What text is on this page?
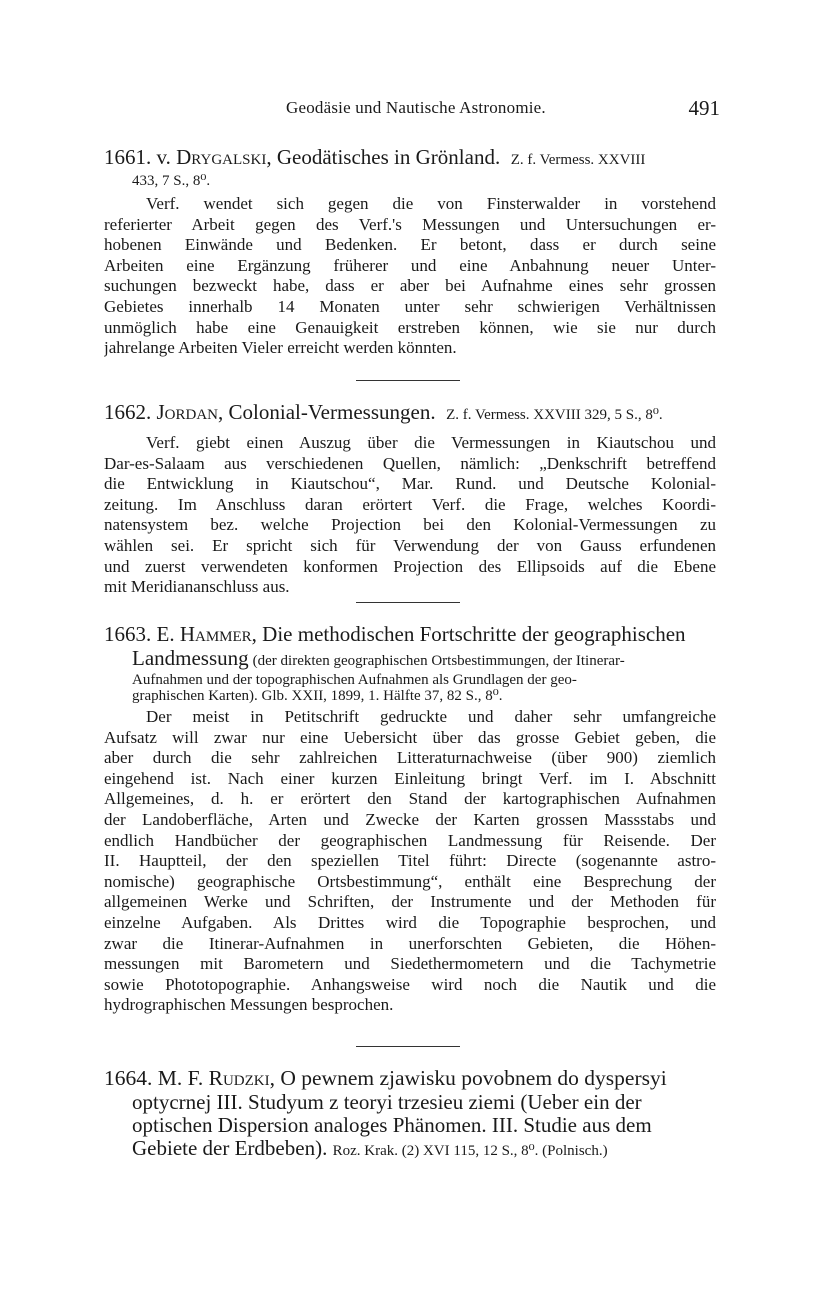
Geodäsie und Nautische Astronomie.	491
1661. v. Drygalski, Geodätisches in Grönland. Z. f. Vermess. XXVIII
433, 7 S., 8⁰.
Verf. wendet sich gegen die von Finsterwalder in vorstehend
referierter Arbeit gegen des Verf.'s Messungen und Untersuchungen er-
hobenen Einwände und Bedenken. Er betont, dass er durch seine
Arbeiten eine Ergänzung früherer und eine Anbahnung neuer Unter-
suchungen bezweckt habe, dass er aber bei Aufnahme eines sehr grossen
Gebietes innerhalb 14 Monaten unter sehr schwierigen Verhältnissen
unmöglich habe eine Genauigkeit erstreben können, wie sie nur durch
jahrelange Arbeiten Vieler erreicht werden könnten.
1662. Jordan, Colonial-Vermessungen. Z. f. Vermess. XXVIII 329, 5 S., 8⁰.
Verf. giebt einen Auszug über die Vermessungen in Kiautschou und
Dar-es-Salaam aus verschiedenen Quellen, nämlich: „Denkschrift betreffend
die Entwicklung in Kiautschou“, Mar. Rund. und Deutsche Kolonial-
zeitung. Im Anschluss daran erörtert Verf. die Frage, welches Koordi-
natensystem bez. welche Projection bei den Kolonial-Vermessungen zu
wählen sei. Er spricht sich für Verwendung der von Gauss erfundenen
und zuerst verwendeten konformen Projection des Ellipsoids auf die Ebene
mit Meridiananschluss aus.
1663. E. Hammer, Die methodischen Fortschritte der geographischen
Landmessung (der direkten geographischen Ortsbestimmungen, der Itinerar-
Aufnahmen und der topographischen Aufnahmen als Grundlagen der geo-
graphischen Karten). Glb. XXII, 1899, 1. Hälfte 37, 82 S., 8⁰.
Der meist in Petitschrift gedruckte und daher sehr umfangreiche
Aufsatz will zwar nur eine Uebersicht über das grosse Gebiet geben, die
aber durch die sehr zahlreichen Litteraturnachweise (über 900) ziemlich
eingehend ist. Nach einer kurzen Einleitung bringt Verf. im I. Abschnitt
Allgemeines, d. h. er erörtert den Stand der kartographischen Aufnahmen
der Landoberfläche, Arten und Zwecke der Karten grossen Massstabs und
endlich Handbücher der geographischen Landmessung für Reisende. Der
II. Hauptteil, der den speziellen Titel führt: Directe (sogenannte astro-
nomische) geographische Ortsbestimmung“, enthält eine Besprechung der
allgemeinen Werke und Schriften, der Instrumente und der Methoden für
einzelne Aufgaben. Als Drittes wird die Topographie besprochen, und
zwar die Itinerar-Aufnahmen in unerforschten Gebieten, die Höhen-
messungen mit Barometern und Siedethermometern und die Tachymetrie
sowie Phototopographie. Anhangsweise wird noch die Nautik und die
hydrographischen Messungen besprochen.
1664. M. F. Rudzki, O pewnem zjawisku povobnem do dyspersyi
optycrnej III. Studyum z teoryi trzesieu ziemi (Ueber ein der
optischen Dispersion analoges Phänomen. III. Studie aus dem
Gebiete der Erdbeben). Roz. Krak. (2) XVI 115, 12 S., 8⁰. (Polnisch.)
